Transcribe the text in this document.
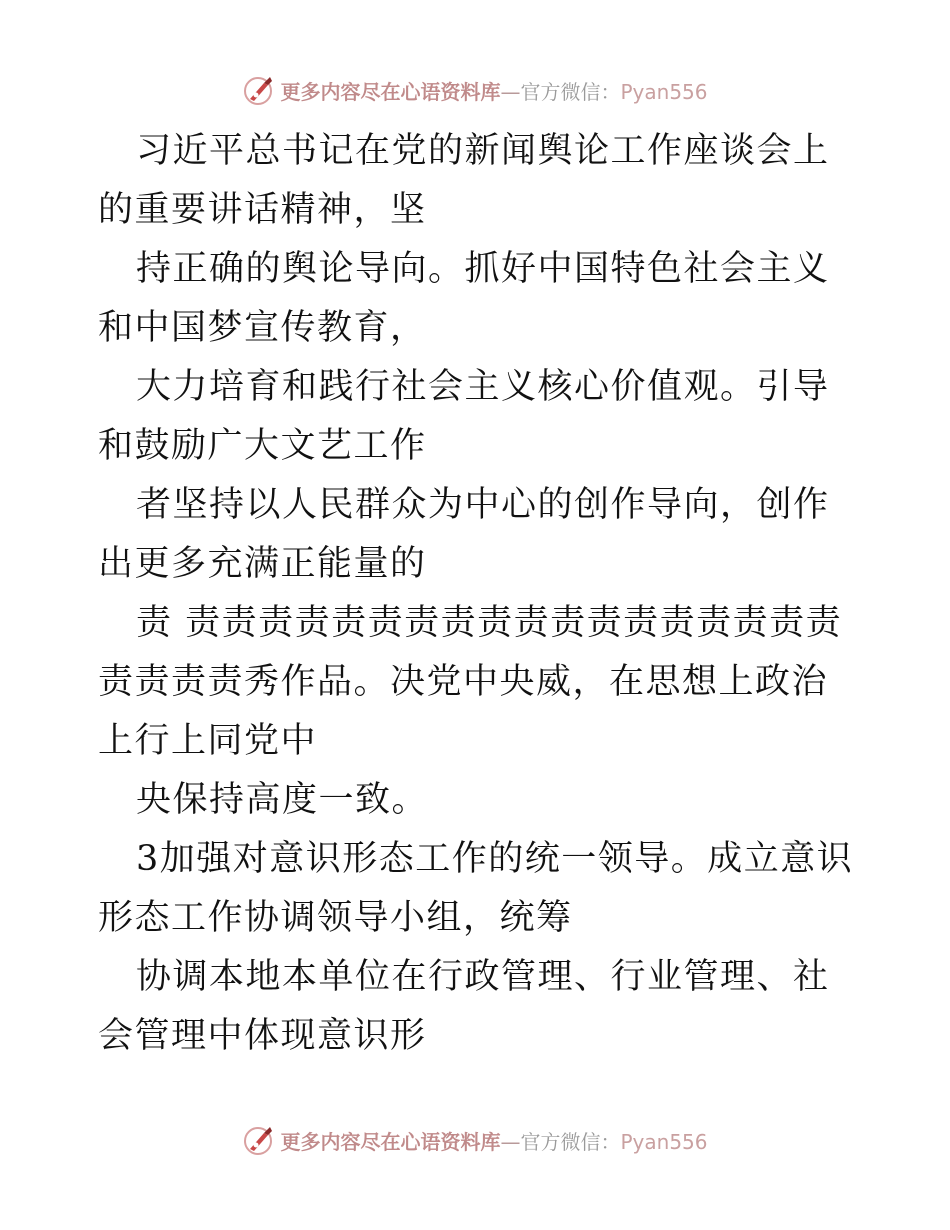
更多内容尽在心语资料库—官方微信：Pyan556

习近平总书记在党的新闻舆论工作座谈会上的重要讲话精神，坚

持正确的舆论导向。抓好中国特色社会主义和中国梦宣传教育，

大力培育和践行社会主义核心价值观。引导和鼓励广大文艺工作

者坚持以人民群众为中心的创作导向，创作出更多充满正能量的

责 责责责责责责责责责责责责责责责责责责责责责责秀作品。决党中央威，在思想上政治上行上同党中

央保持高度一致。

3加强对意识形态工作的统一领导。成立意识形态工作协调领导小组，统筹

协调本地本单位在行政管理、行业管理、社会管理中体现意识形

更多内容尽在心语资料库—官方微信：Pyan556
